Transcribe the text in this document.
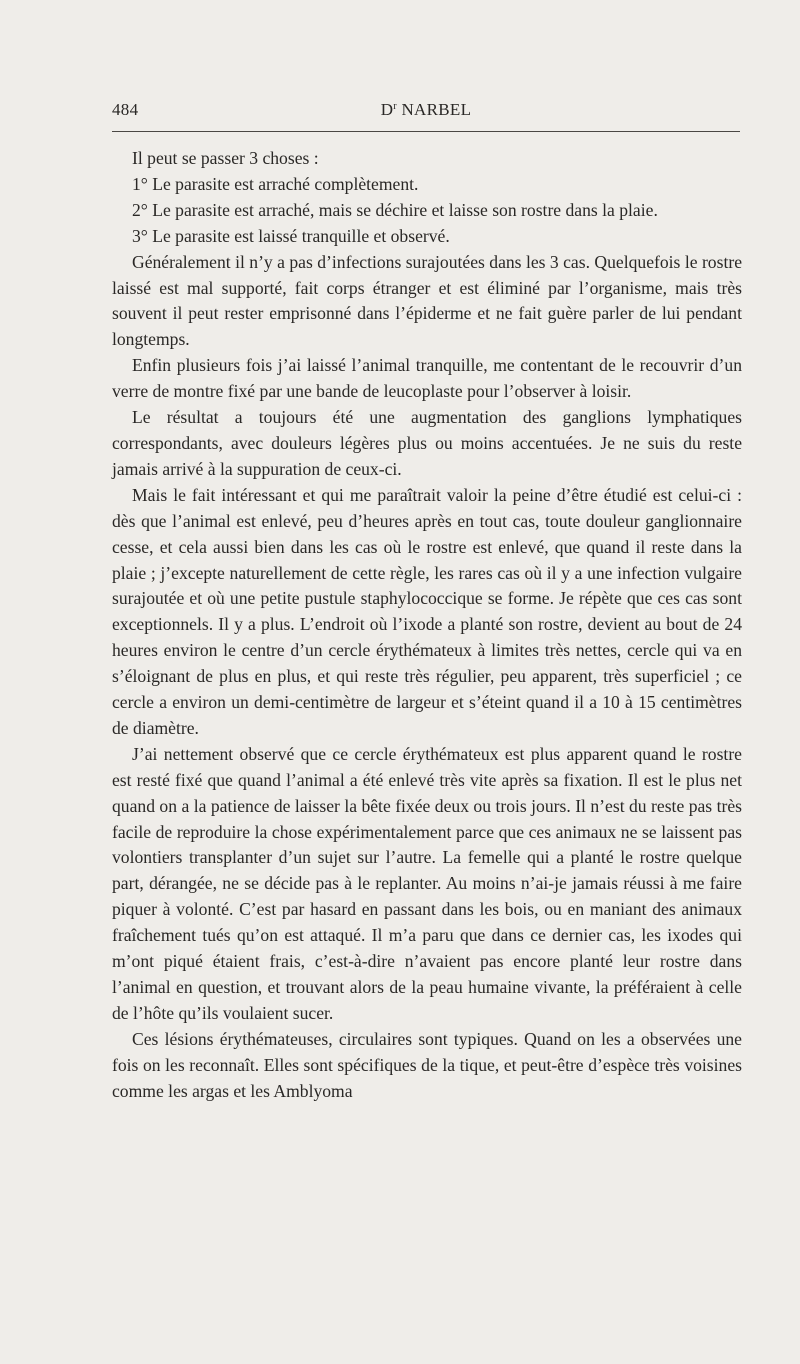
484	$D^r$ NARBEL

Il peut se passer 3 choses :

1° Le parasite est arraché complètement.

2° Le parasite est arraché, mais se déchire et laisse son rostre dans la plaie.

3° Le parasite est laissé tranquille et observé.

Généralement il n’y a pas d’infections surajoutées dans les 3 cas. Quelquefois le rostre laissé est mal supporté, fait corps étranger et est éliminé par l’organisme, mais très souvent il peut rester emprisonné dans l’épiderme et ne fait guère parler de lui pendant longtemps.

Enfin plusieurs fois j’ai laissé l’animal tranquille, me contentant de le recouvrir d’un verre de montre fixé par une bande de leucoplaste pour l’observer à loisir.

Le résultat a toujours été une augmentation des ganglions lymphatiques correspondants, avec douleurs légères plus ou moins accentuées. Je ne suis du reste jamais arrivé à la suppuration de ceux-ci.

Mais le fait intéressant et qui me paraîtrait valoir la peine d’être étudié est celui-ci : dès que l’animal est enlevé, peu d’heures après en tout cas, toute douleur ganglionnaire cesse, et cela aussi bien dans les cas où le rostre est enlevé, que quand il reste dans la plaie ; j’excepte naturellement de cette règle, les rares cas où il y a une infection vulgaire surajoutée et où une petite pustule staphylococcique se forme. Je répète que ces cas sont exceptionnels. Il y a plus. L’endroit où l’ixode a planté son rostre, devient au bout de 24 heures environ le centre d’un cercle érythémateux à limites très nettes, cercle qui va en s’éloignant de plus en plus, et qui reste très régulier, peu apparent, très superficiel ; ce cercle a environ un demi-centimètre de largeur et s’éteint quand il a 10 à 15 centimètres de diamètre.

J’ai nettement observé que ce cercle érythémateux est plus apparent quand le rostre est resté fixé que quand l’animal a été enlevé très vite après sa fixation. Il est le plus net quand on a la patience de laisser la bête fixée deux ou trois jours. Il n’est du reste pas très facile de reproduire la chose expérimentalement parce que ces animaux ne se laissent pas volontiers transplanter d’un sujet sur l’autre. La femelle qui a planté le rostre quelque part, dérangée, ne se décide pas à le replanter. Au moins n’ai-je jamais réussi à me faire piquer à volonté. C’est par hasard en passant dans les bois, ou en maniant des animaux fraîchement tués qu’on est attaqué. Il m’a paru que dans ce dernier cas, les ixodes qui m’ont piqué étaient frais, c’est-à-dire n’avaient pas encore planté leur rostre dans l’animal en question, et trouvant alors de la peau humaine vivante, la préféraient à celle de l’hôte qu’ils voulaient sucer.

Ces lésions érythémateuses, circulaires sont typiques. Quand on les a observées une fois on les reconnaît. Elles sont spécifiques de la tique, et peut-être d’espèce très voisines comme les argas et les Amblyoma
